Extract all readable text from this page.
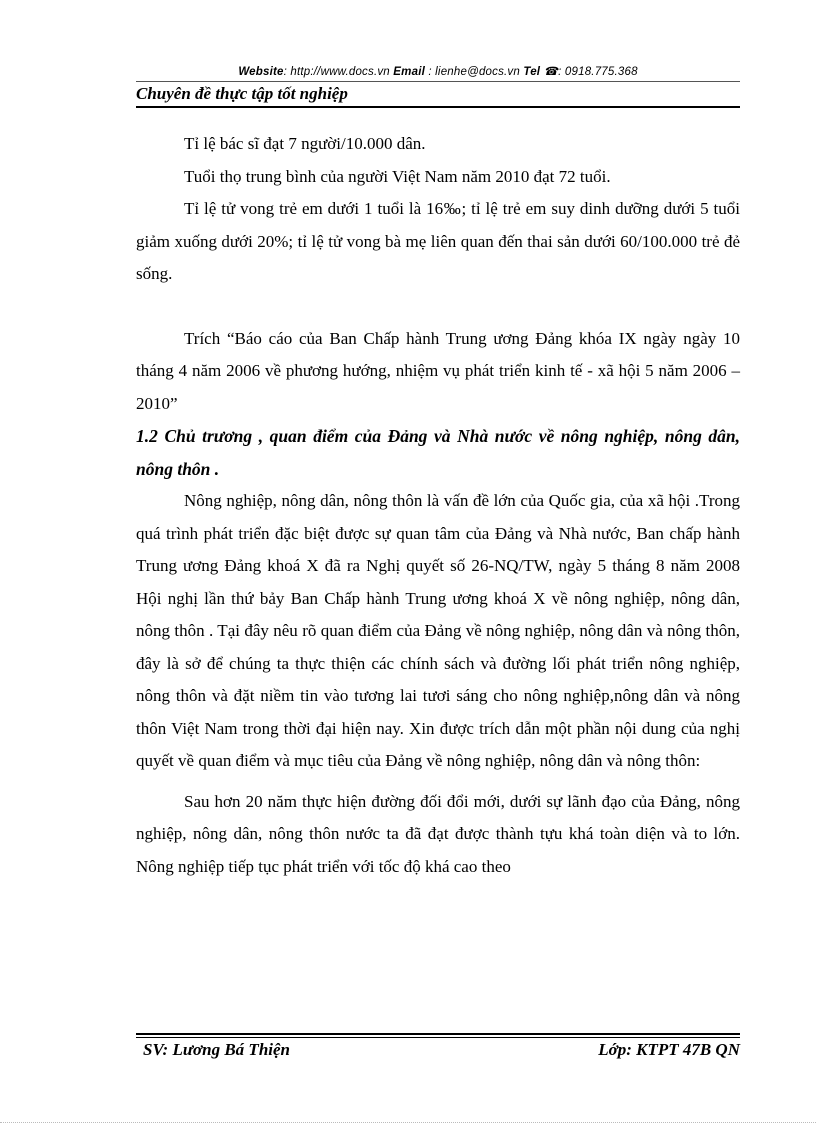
Website: http://www.docs.vn Email : lienhe@docs.vn Tel ☎: 0918.775.368
Chuyên đề thực tập tốt nghiệp

Tỉ lệ bác sĩ đạt 7 người/10.000 dân.

Tuổi thọ trung bình của người Việt Nam năm 2010 đạt 72 tuổi.

Tỉ lệ tử vong trẻ em dưới 1 tuổi là 16‰; tỉ lệ trẻ em suy dinh dưỡng dưới 5 tuổi giảm xuống dưới 20%; tỉ lệ tử vong bà mẹ liên quan đến thai sản dưới 60/100.000 trẻ đẻ sống.

Trích “Báo cáo của Ban Chấp hành Trung ương Đảng khóa IX ngày ngày 10 tháng 4 năm 2006 về phương hướng, nhiệm vụ phát triển kinh tế - xã hội 5 năm 2006 – 2010”

1.2 Chủ trương , quan điểm của Đảng và Nhà nước về nông nghiệp, nông dân, nông thôn .

Nông nghiệp, nông dân, nông thôn là vấn đề lớn của Quốc gia, của xã hội .Trong quá trình phát triển đặc biệt được sự quan tâm của Đảng và Nhà nước, Ban chấp hành Trung ương Đảng khoá X đã ra Nghị quyết số 26-NQ/TW, ngày 5 tháng 8 năm 2008 Hội nghị lần thứ bảy Ban Chấp hành Trung ương khoá X về nông nghiệp, nông dân, nông thôn . Tại đây nêu rõ quan điểm của Đảng về nông nghiệp, nông dân và nông thôn, đây là sở để chúng ta thực thiện các chính sách và đường lối phát triển nông nghiệp, nông thôn và đặt niềm tin vào tương lai tươi sáng cho nông nghiệp,nông dân và nông thôn Việt Nam trong thời đại hiện nay. Xin được trích dẫn một phần nội dung của nghị quyết về quan điểm và mục tiêu của Đảng về nông nghiệp, nông dân và nông thôn:

Sau hơn 20 năm thực hiện đường đối đổi mới, dưới sự lãnh đạo của Đảng, nông nghiệp, nông dân, nông thôn nước ta đã đạt được thành tựu khá toàn diện và to lớn. Nông nghiệp tiếp tục phát triển với tốc độ khá cao theo

SV: Lương Bá Thiện	Lớp: KTPT 47B QN
